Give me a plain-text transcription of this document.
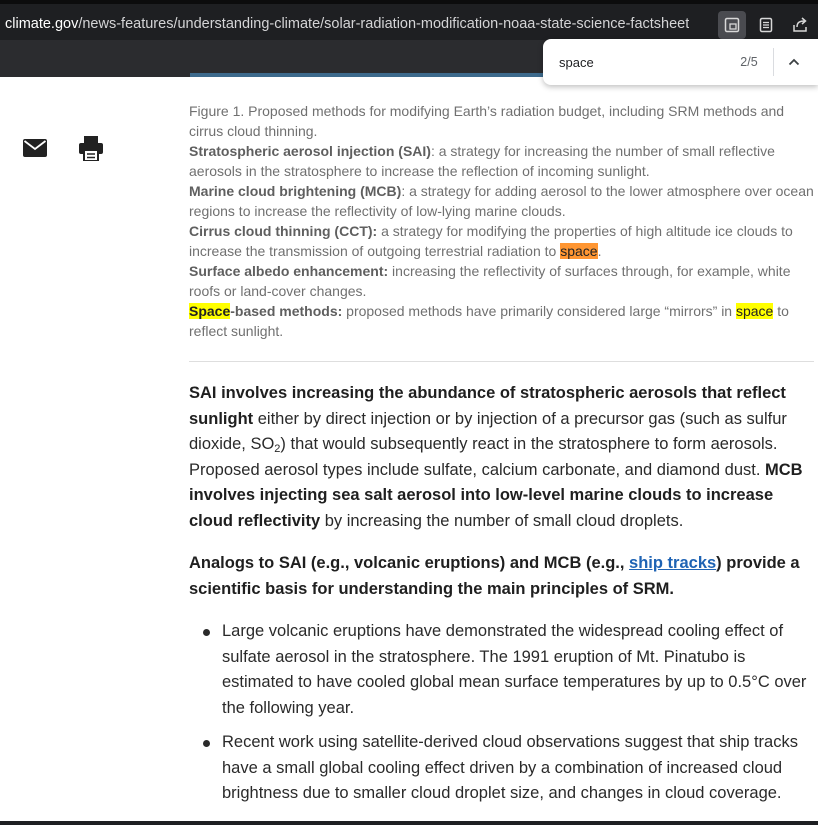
climate.gov/news-features/understanding-climate/solar-radiation-modification-noaa-state-science-factsheet
space	2/5

Figure 1. Proposed methods for modifying Earth’s radiation budget, including SRM methods and cirrus cloud thinning.

Stratospheric aerosol injection (SAI): a strategy for increasing the number of small reflective aerosols in the stratosphere to increase the reflection of incoming sunlight.

Marine cloud brightening (MCB): a strategy for adding aerosol to the lower atmosphere over ocean regions to increase the reflectivity of low-lying marine clouds.

Cirrus cloud thinning (CCT): a strategy for modifying the properties of high altitude ice clouds to increase the transmission of outgoing terrestrial radiation to space.

Surface albedo enhancement: increasing the reflectivity of surfaces through, for example, white roofs or land-cover changes.

Space-based methods: proposed methods have primarily considered large “mirrors” in space to reflect sunlight.

SAI involves increasing the abundance of stratospheric aerosols that reflect sunlight either by direct injection or by injection of a precursor gas (such as sulfur dioxide, $SO_2$) that would subsequently react in the stratosphere to form aerosols. Proposed aerosol types include sulfate, calcium carbonate, and diamond dust. MCB involves injecting sea salt aerosol into low-level marine clouds to increase cloud reflectivity by increasing the number of small cloud droplets.

Analogs to SAI (e.g., volcanic eruptions) and MCB (e.g., ship tracks) provide a scientific basis for understanding the main principles of SRM.

Large volcanic eruptions have demonstrated the widespread cooling effect of sulfate aerosol in the stratosphere. The 1991 eruption of Mt. Pinatubo is estimated to have cooled global mean surface temperatures by up to 0.5°C over the following year.
Recent work using satellite-derived cloud observations suggest that ship tracks have a small global cooling effect driven by a combination of increased cloud brightness due to smaller cloud droplet size, and changes in cloud coverage.
